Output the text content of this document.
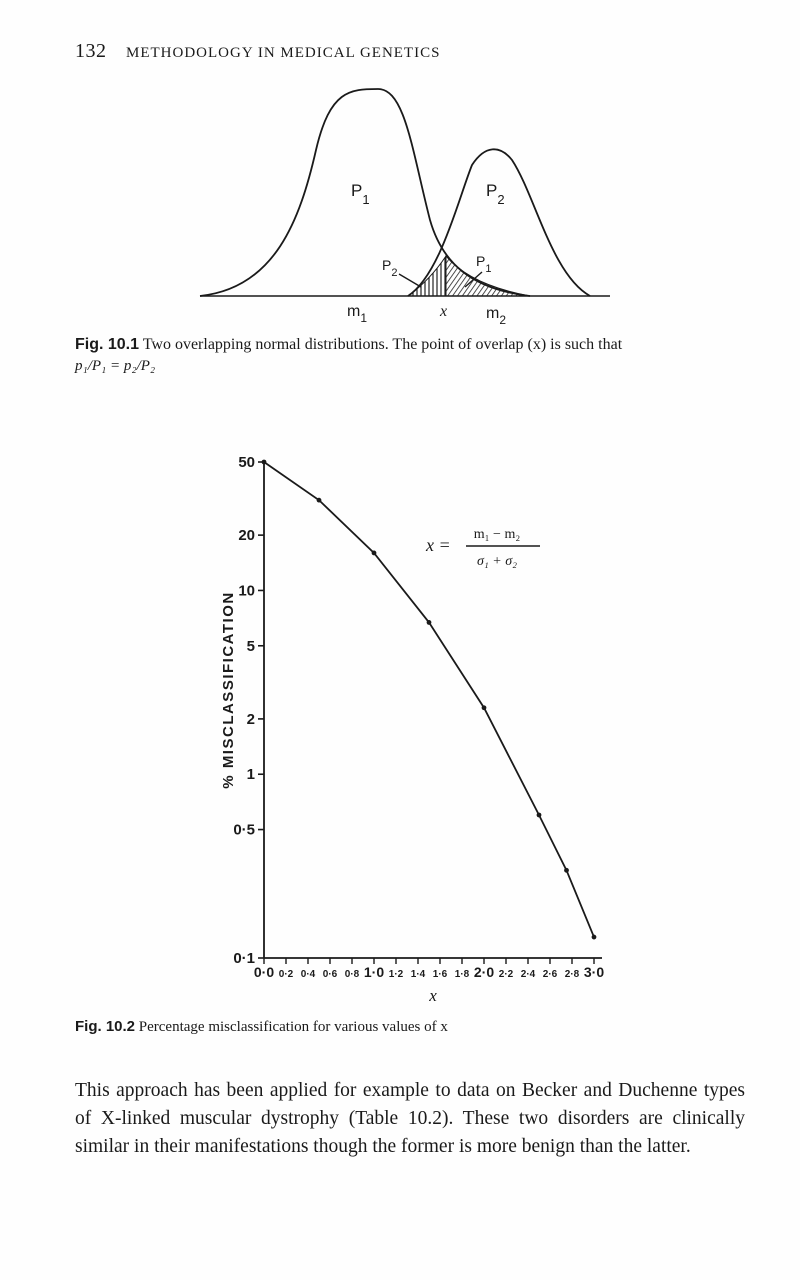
132 METHODOLOGY IN MEDICAL GENETICS
$P_1$	$P_2$
$P_2$
$P_1$
$m_1$	x $m_2$
50
20
10
5
2
1
0·5
0·1
0·0 0·2 0·4 0·6 0·8 1·0 1·2 1·4 1·6 1·8 2·0 2·2 2·4 2·6 2·8 3·0
% MISCLASSIFICATION
x
x =
m₁ − m₂
σ₁ + σ₂
Fig. 10.1 Two overlapping normal distributions. The point of overlap (x) is such that
p₁/P₁ = p₂/P₂
Fig. 10.2 Percentage misclassification for various values of x
This approach has been applied for example to data on Becker and Duchenne types of X-linked muscular dystrophy (Table 10.2). These two disorders are clinically similar in their manifestations though the former is more benign than the latter.
